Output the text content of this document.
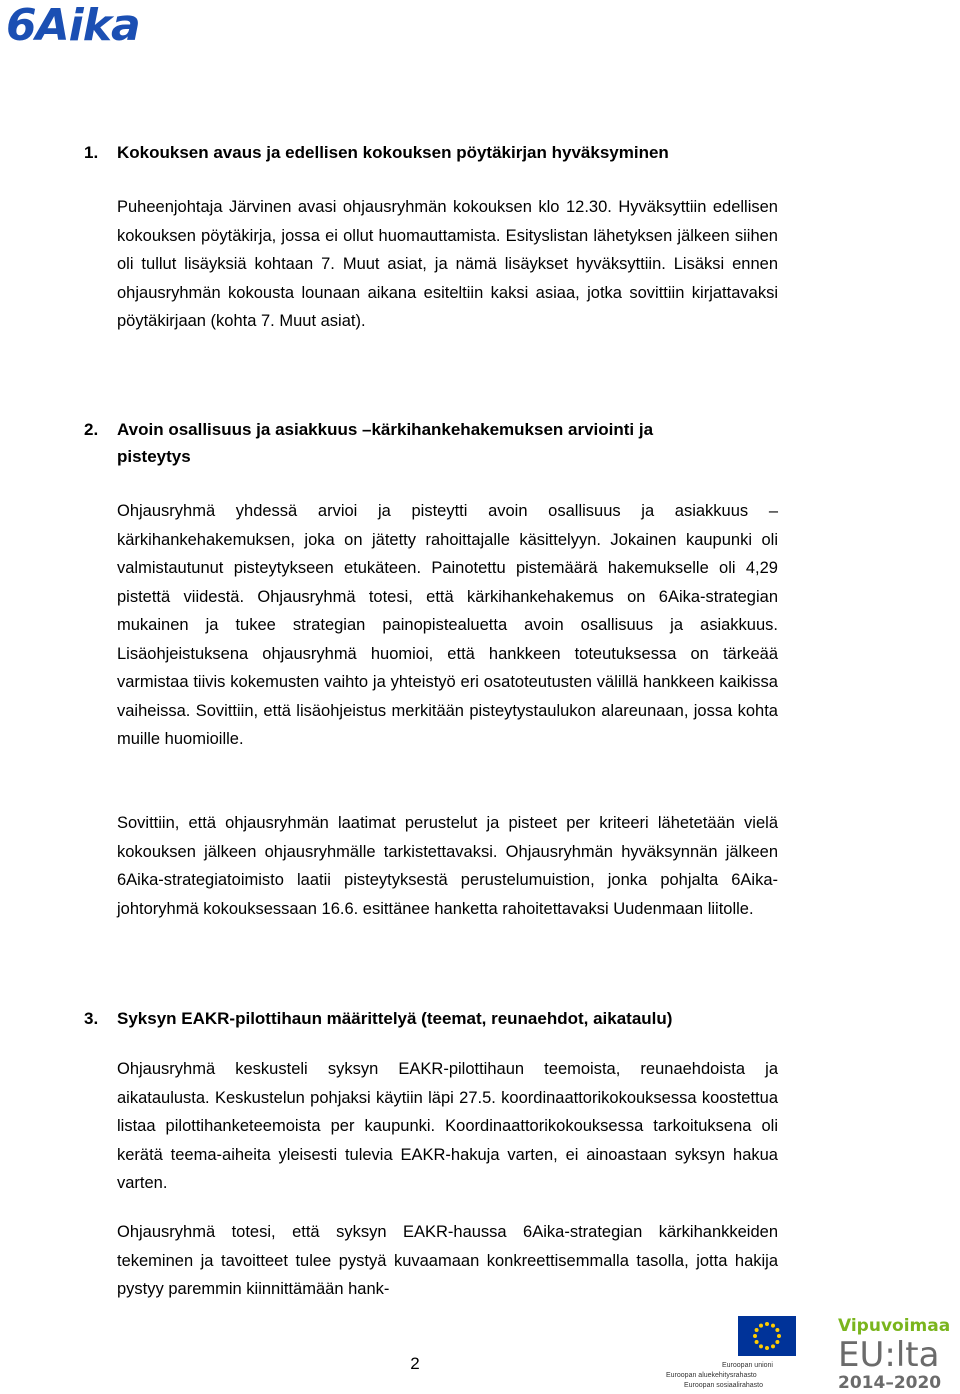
6Aika
1. Kokouksen avaus ja edellisen kokouksen pöytäkirjan hyväksyminen

Puheenjohtaja Järvinen avasi ohjausryhmän kokouksen klo 12.30. Hyväksyttiin edellisen kokouksen pöytäkirja, jossa ei ollut huomauttamista. Esityslistan lähetyksen jälkeen siihen oli tullut lisäyksiä kohtaan 7. Muut asiat, ja nämä lisäykset hyväksyttiin. Lisäksi ennen ohjausryhmän kokousta lounaan aikana esiteltiin kaksi asiaa, jotka sovittiin kirjattavaksi pöytäkirjaan (kohta 7. Muut asiat).

2. Avoin osallisuus ja asiakkuus –kärkihankehakemuksen arviointi ja
pisteytys

Ohjausryhmä yhdessä arvioi ja pisteytti avoin osallisuus ja asiakkuus – kärkihankehakemuksen, joka on jätetty rahoittajalle käsittelyyn. Jokainen kaupunki oli valmistautunut pisteytykseen etukäteen. Painotettu pistemäärä hakemukselle oli 4,29 pistettä viidestä. Ohjausryhmä totesi, että kärkihankehakemus on 6Aika-strategian mukainen ja tukee strategian painopistealuetta avoin osallisuus ja asiakkuus. Lisäohjeistuksena ohjausryhmä huomioi, että hankkeen toteutuksessa on tärkeää varmistaa tiivis kokemusten vaihto ja yhteistyö eri osatoteutusten välillä hankkeen kaikissa vaiheissa. Sovittiin, että lisäohjeistus merkitään pisteytystaulukon alareunaan, jossa kohta muille huomioille.

Sovittiin, että ohjausryhmän laatimat perustelut ja pisteet per kriteeri lähetetään vielä kokouksen jälkeen ohjausryhmälle tarkistettavaksi. Ohjausryhmän hyväksynnän jälkeen 6Aika-strategiatoimisto laatii pisteytyksestä perustelumuistion, jonka pohjalta 6Aika-johtoryhmä kokouksessaan 16.6. esittänee hanketta rahoitettavaksi Uudenmaan liitolle.

3. Syksyn EAKR-pilottihaun määrittelyä (teemat, reunaehdot, aikataulu)

Ohjausryhmä keskusteli syksyn EAKR-pilottihaun teemoista, reunaehdoista ja aikataulusta. Keskustelun pohjaksi käytiin läpi 27.5. koordinaattorikokouksessa koostettua listaa pilottihanketeemoista per kaupunki. Koordinaattorikokouksessa tarkoituksena oli kerätä teema-aiheita yleisesti tulevia EAKR-hakuja varten, ei ainoastaan syksyn hakua varten.

Ohjausryhmä totesi, että syksyn EAKR-haussa 6Aika-strategian kärkihankkeiden tekeminen ja tavoitteet tulee pystyä kuvaamaan konkreettisemmalla tasolla, jotta hakija pystyy paremmin kiinnittämään hank-

2	Euroopan unioni
Euroopan aluekehitysrahasto
Euroopan sosiaalirahasto
Vipuvoimaa
EU:lta
2014–2020
